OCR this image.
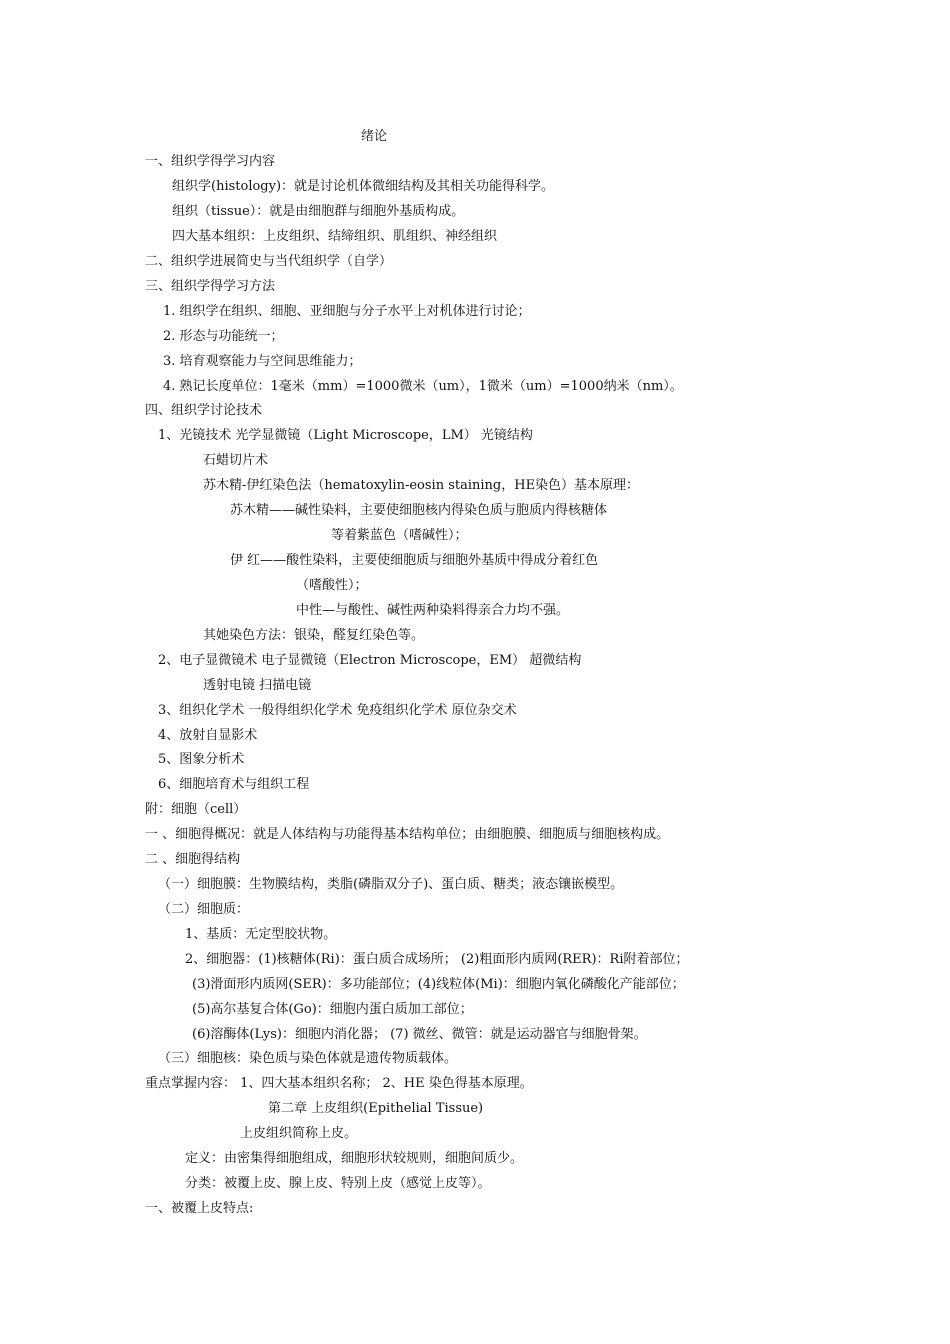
绪论
一、组织学得学习内容
组织学(histology)：就是讨论机体微细结构及其相关功能得科学。
组织（tissue）：就是由细胞群与细胞外基质构成。
四大基本组织：上皮组织、结缔组织、肌组织、神经组织
二、组织学进展简史与当代组织学（自学）
三、组织学得学习方法
1. 组织学在组织、细胞、亚细胞与分子水平上对机体进行讨论；
2. 形态与功能统一；
3. 培育观察能力与空间思维能力；
4. 熟记长度单位：1毫米（mm）=1000微米（um），1微米（um）=1000纳米（nm）。
四、组织学讨论技术
1、光镜技术 光学显微镜（Light Microscope，LM） 光镜结构
石蜡切片术
苏木精-伊红染色法（hematoxylin-eosin staining，HE染色）基本原理：
苏木精——碱性染料，主要使细胞核内得染色质与胞质内得核糖体
等着紫蓝色（嗜碱性）；
伊 红——酸性染料，主要使细胞质与细胞外基质中得成分着红色
（嗜酸性）；
中性—与酸性、碱性两种染料得亲合力均不强。
其她染色方法：银染，醛复红染色等。
2、电子显微镜术 电子显微镜（Electron Microscope，EM） 超微结构
透射电镜 扫描电镜
3、组织化学术 一般得组织化学术 免疫组织化学术 原位杂交术
4、放射自显影术
5、图象分析术
6、细胞培育术与组织工程
附：细胞（cell）
一 、细胞得概况：就是人体结构与功能得基本结构单位；由细胞膜、细胞质与细胞核构成。
二 、细胞得结构
（一）细胞膜：生物膜结构，类脂(磷脂双分子)、蛋白质、糖类；液态镶嵌模型。
（二）细胞质：
1、基质：无定型胶状物。
2、细胞器：(1)核糖体(Ri)：蛋白质合成场所； (2)粗面形内质网(RER)：Ri附着部位；
(3)滑面形内质网(SER)：多功能部位；(4)线粒体(Mi)：细胞内氧化磷酸化产能部位；
(5)高尔基复合体(Go)：细胞内蛋白质加工部位；
(6)溶酶体(Lys)：细胞内消化器； (7) 微丝、微管：就是运动器官与细胞骨架。
（三）细胞核：染色质与染色体就是遗传物质载体。
重点掌握内容： 1、四大基本组织名称； 2、HE 染色得基本原理。
第二章 上皮组织(Epithelial Tissue)
上皮组织简称上皮。
定义：由密集得细胞组成，细胞形状较规则，细胞间质少。
分类：被覆上皮、腺上皮、特别上皮（感觉上皮等）。
一、被覆上皮特点:
